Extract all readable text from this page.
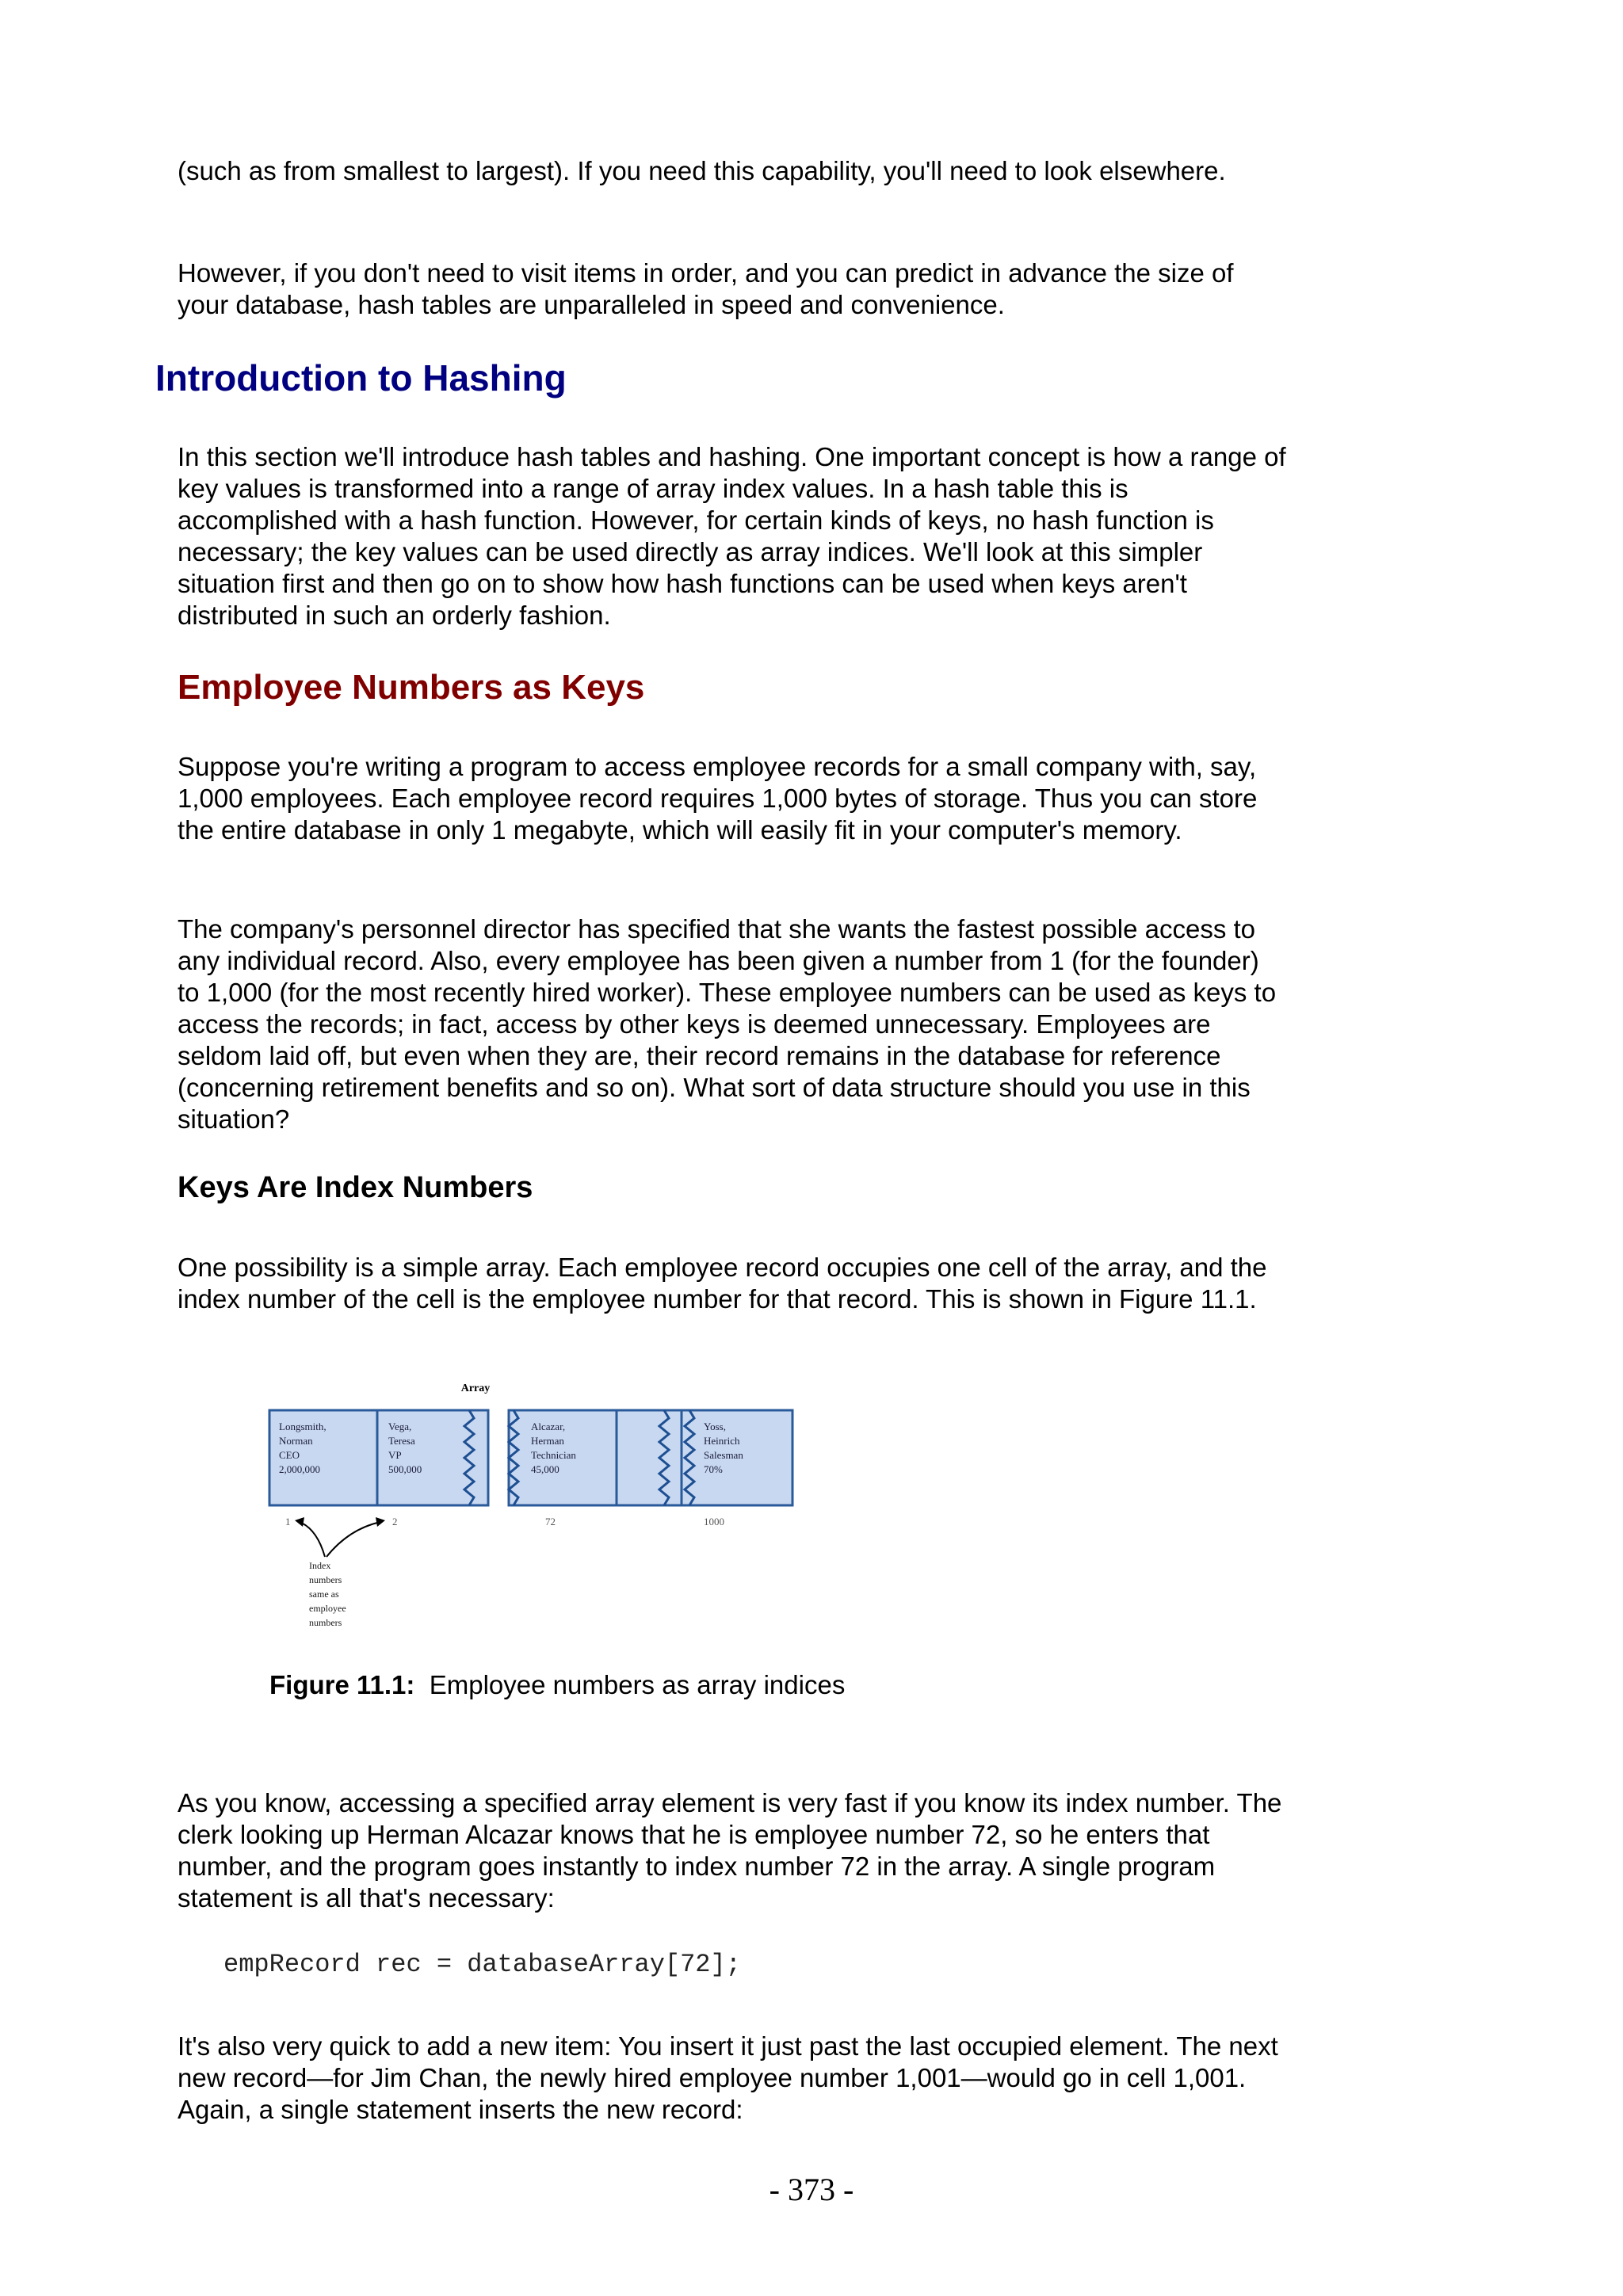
(such as from smallest to largest). If you need this capability, you'll need to look elsewhere.

However, if you don't need to visit items in order, and you can predict in advance the size of your database, hash tables are unparalleled in speed and convenience.

Introduction to Hashing

In this section we'll introduce hash tables and hashing. One important concept is how a range of key values is transformed into a range of array index values. In a hash table this is accomplished with a hash function. However, for certain kinds of keys, no hash function is necessary; the key values can be used directly as array indices. We'll look at this simpler situation first and then go on to show how hash functions can be used when keys aren't distributed in such an orderly fashion.

Employee Numbers as Keys

Suppose you're writing a program to access employee records for a small company with, say, 1,000 employees. Each employee record requires 1,000 bytes of storage. Thus you can store the entire database in only 1 megabyte, which will easily fit in your computer's memory.

The company's personnel director has specified that she wants the fastest possible access to any individual record. Also, every employee has been given a number from 1 (for the founder) to 1,000 (for the most recently hired worker). These employee numbers can be used as keys to access the records; in fact, access by other keys is deemed unnecessary. Employees are seldom laid off, but even when they are, their record remains in the database for reference (concerning retirement benefits and so on). What sort of data structure should you use in this situation?

Keys Are Index Numbers

One possibility is a simple array. Each employee record occupies one cell of the array, and the index number of the cell is the employee number for that record. This is shown in Figure 11.1.

Array
Longsmith,
Norman
CEO
2,000,000
Vega,
Teresa
VP
500,000
Alcazar,
Herman
Technician
45,000
Yoss,
Heinrich
Salesman
70%
1	2	72	1000
Index
numbers
same as
employee
numbers
Figure 11.1: Employee numbers as array indices

As you know, accessing a specified array element is very fast if you know its index number. The clerk looking up Herman Alcazar knows that he is employee number 72, so he enters that number, and the program goes instantly to index number 72 in the array. A single program statement is all that's necessary:

empRecord rec = databaseArray[72];

It's also very quick to add a new item: You insert it just past the last occupied element. The next new record—for Jim Chan, the newly hired employee number 1,001—would go in cell 1,001. Again, a single statement inserts the new record:

- 373 -
